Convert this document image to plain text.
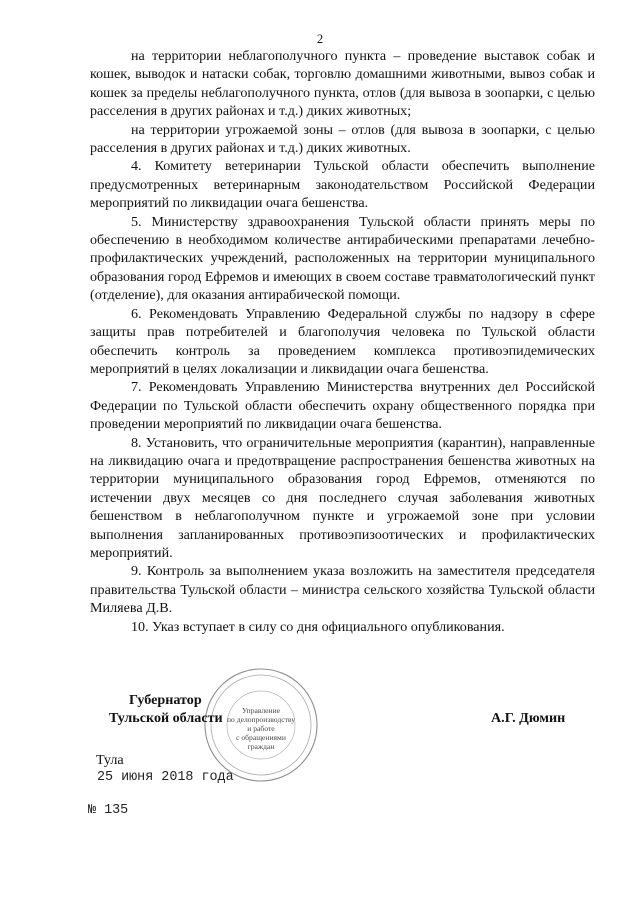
2

на территории неблагополучного пункта – проведение выставок собак и кошек, выводок и натаски собак, торговлю домашними животными, вывоз собак и кошек за пределы неблагополучного пункта, отлов (для вывоза в зоопарки, с целью расселения в других районах и т.д.) диких животных;

на территории угрожаемой зоны – отлов (для вывоза в зоопарки, с целью расселения в других районах и т.д.) диких животных.

4. Комитету ветеринарии Тульской области обеспечить выполнение предусмотренных ветеринарным законодательством Российской Федерации мероприятий по ликвидации очага бешенства.

5. Министерству здравоохранения Тульской области принять меры по обеспечению в необходимом количестве антирабическими препаратами лечебно-профилактических учреждений, расположенных на территории муниципального образования город Ефремов и имеющих в своем составе травматологический пункт (отделение), для оказания антирабической помощи.

6. Рекомендовать Управлению Федеральной службы по надзору в сфере защиты прав потребителей и благополучия человека по Тульской области обеспечить контроль за проведением комплекса противоэпидемических мероприятий в целях локализации и ликвидации очага бешенства.

7. Рекомендовать Управлению Министерства внутренних дел Российской Федерации по Тульской области обеспечить охрану общественного порядка при проведении мероприятий по ликвидации очага бешенства.

8. Установить, что ограничительные мероприятия (карантин), направленные на ликвидацию очага и предотвращение распространения бешенства животных на территории муниципального образования город Ефремов, отменяются по истечении двух месяцев со дня последнего случая заболевания животных бешенством в неблагополучном пункте и угрожаемой зоне при условии выполнения запланированных противоэпизоотических и профилактических мероприятий.

9. Контроль за выполнением указа возложить на заместителя председателя правительства Тульской области – министра сельского хозяйства Тульской области Миляева Д.В.

10. Указ вступает в силу со дня официального опубликования.

Управление
по делопроизводству
и работе
с обращениями
граждан
Губернатор
Тульской области	А.Г. Дюмин
Тула
25 июня 2018 года
№ 135
